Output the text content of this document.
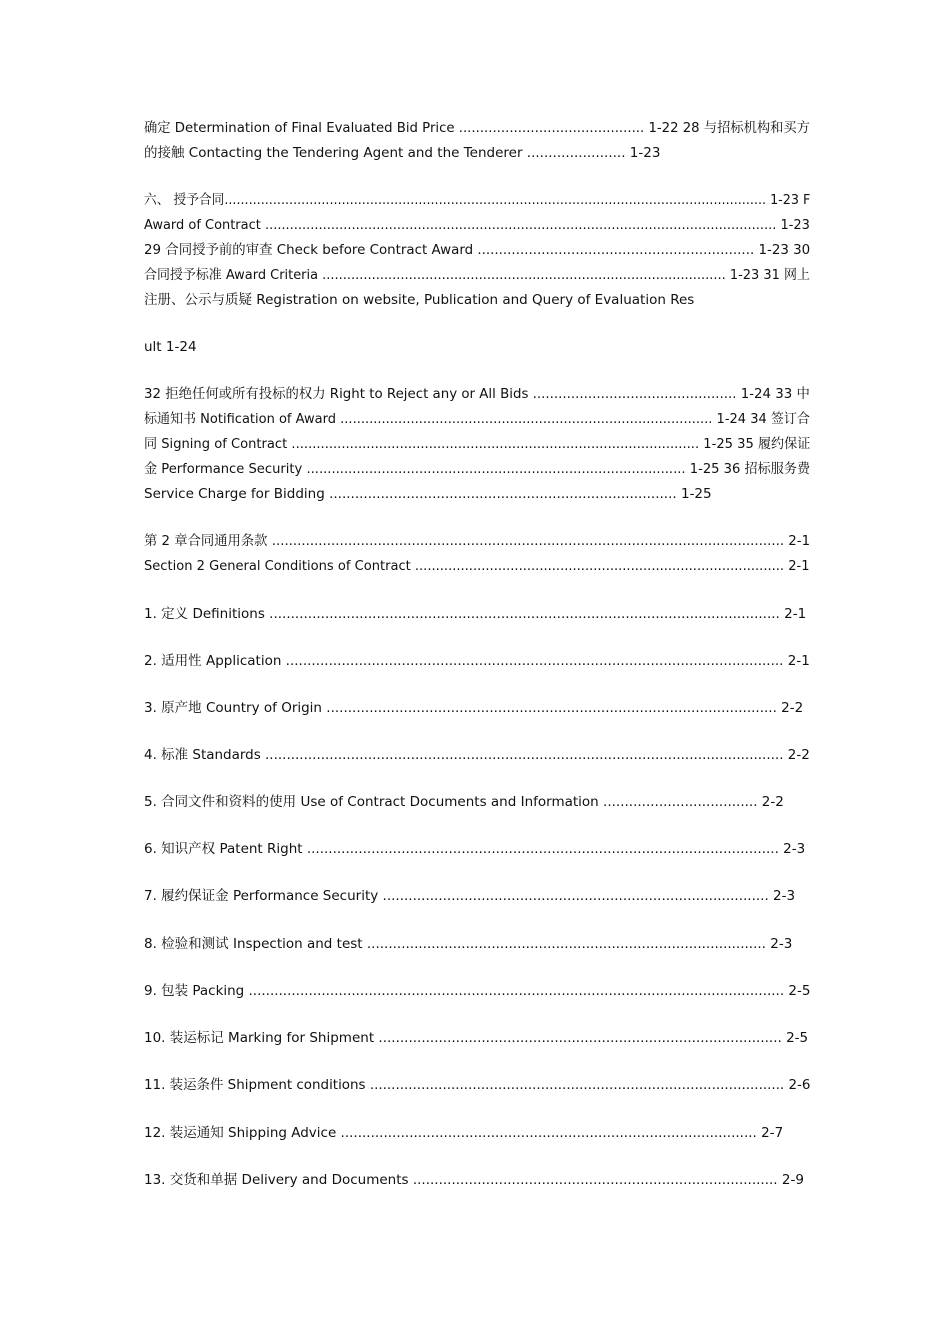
确定 Determination of Final Evaluated Bid Price ............................................ 1-22 28 与招标机构和买方
的接触 Contacting the Tendering Agent and the Tenderer ....................... 1-23
六、 授予合同...................................................................................................................................... 1-23 F
Award of Contract ............................................................................................................................ 1-23
29 合同授予前的审查 Check before Contract Award ................................................................. 1-23 30
合同授予标准 Award Criteria .................................................................................................. 1-23 31 网上
注册、公示与质疑 Registration on website, Publication and Query of Evaluation Res
ult 1-24
32 拒绝任何或所有投标的权力 Right to Reject any or All Bids ................................................ 1-24 33 中
标通知书 Notification of Award .......................................................................................... 1-24 34 签订合
同 Signing of Contract .................................................................................................. 1-25 35 履约保证
金 Performance Security ........................................................................................... 1-25 36 招标服务费
Service Charge for Bidding ................................................................................. 1-25
第 2 章合同通用条款 ......................................................................................................................... 2-1
Section 2 General Conditions of Contract ......................................................................................... 2-1
1. 定义 Definitions ....................................................................................................................... 2-1
2. 适用性 Application .................................................................................................................... 2-1
3. 原产地 Country of Origin ......................................................................................................... 2-2
4. 标准 Standards ......................................................................................................................... 2-2
5. 合同文件和资料的使用 Use of Contract Documents and Information .................................... 2-2
6. 知识产权 Patent Right .............................................................................................................. 2-3
7. 履约保证金 Performance Security .......................................................................................... 2-3
8. 检验和测试 Inspection and test ............................................................................................. 2-3
9. 包装 Packing ............................................................................................................................. 2-5
10. 装运标记 Marking for Shipment .............................................................................................. 2-5
11. 装运条件 Shipment conditions ................................................................................................. 2-6
12. 装运通知 Shipping Advice ................................................................................................. 2-7
13. 交货和单据 Delivery and Documents ..................................................................................... 2-9
